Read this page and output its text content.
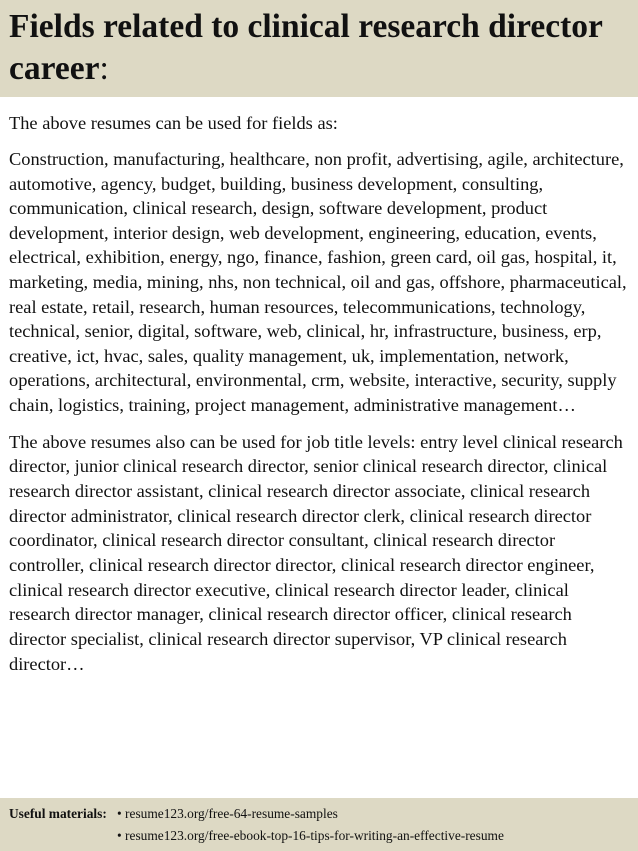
Fields related to clinical research director career:

The above resumes can be used for fields as:

Construction, manufacturing, healthcare, non profit, advertising, agile, architecture, automotive, agency, budget, building, business development, consulting, communication, clinical research, design, software development, product development, interior design, web development, engineering, education, events, electrical, exhibition, energy, ngo, finance, fashion, green card, oil gas, hospital, it, marketing, media, mining, nhs, non technical, oil and gas, offshore, pharmaceutical, real estate, retail, research, human resources, telecommunications, technology, technical, senior, digital, software, web, clinical, hr, infrastructure, business, erp, creative, ict, hvac, sales, quality management, uk, implementation, network, operations, architectural, environmental, crm, website, interactive, security, supply chain, logistics, training, project management, administrative management…

The above resumes also can be used for job title levels: entry level clinical research director, junior clinical research director, senior clinical research director, clinical research director assistant, clinical research director associate, clinical research director administrator, clinical research director clerk, clinical research director coordinator, clinical research director consultant, clinical research director controller, clinical research director director, clinical research director engineer, clinical research director executive, clinical research director leader, clinical research director manager, clinical research director officer, clinical research director specialist, clinical research director supervisor, VP clinical research director…

Useful materials: • resume123.org/free-64-resume-samples
• resume123.org/free-ebook-top-16-tips-for-writing-an-effective-resume
